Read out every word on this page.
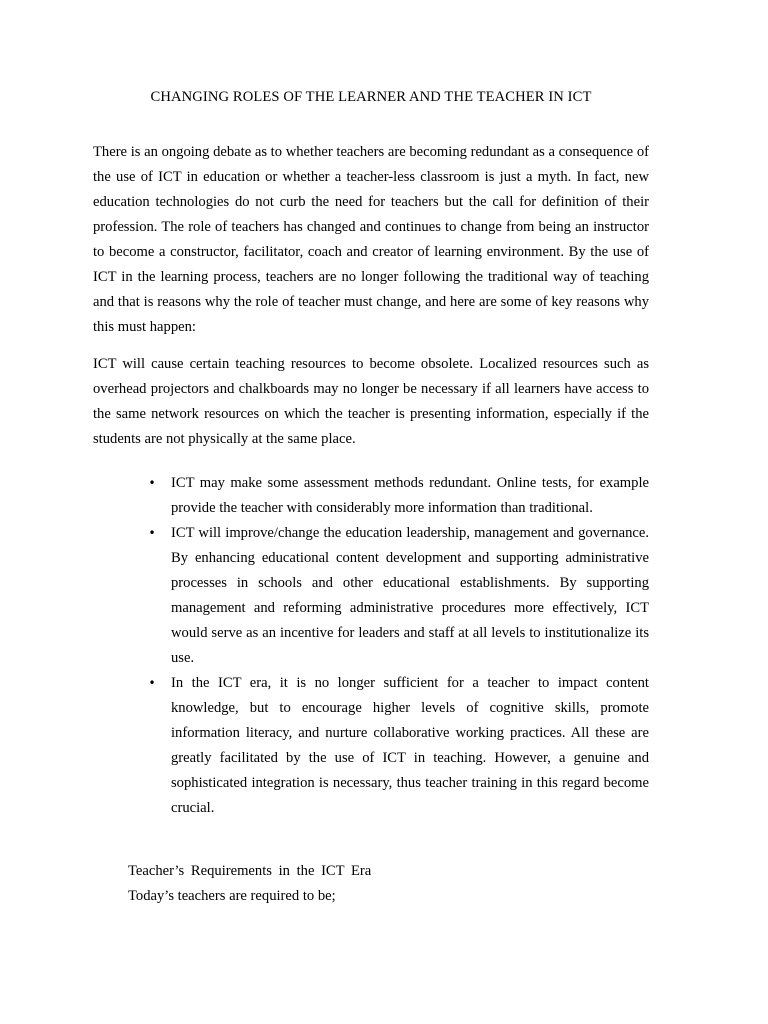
CHANGING ROLES OF THE LEARNER AND THE TEACHER IN ICT

There is an ongoing debate as to whether teachers are becoming redundant as a consequence of the use of ICT in education or whether a teacher-less classroom is just a myth. In fact, new education technologies do not curb the need for teachers but the call for definition of their profession. The role of teachers has changed and continues to change from being an instructor to become a constructor, facilitator, coach and creator of learning environment. By the use of ICT in the learning process, teachers are no longer following the traditional way of teaching and that is reasons why the role of teacher must change, and here are some of key reasons why this must happen:

ICT will cause certain teaching resources to become obsolete. Localized resources such as overhead projectors and chalkboards may no longer be necessary if all learners have access to the same network resources on which the teacher is presenting information, especially if the students are not physically at the same place.

• ICT may make some assessment methods redundant. Online tests, for example provide the teacher with considerably more information than traditional.
• ICT will improve/change the education leadership, management and governance. By enhancing educational content development and supporting administrative processes in schools and other educational establishments. By supporting management and reforming administrative procedures more effectively, ICT would serve as an incentive for leaders and staff at all levels to institutionalize its use.
• In the ICT era, it is no longer sufficient for a teacher to impact content knowledge, but to encourage higher levels of cognitive skills, promote information literacy, and nurture collaborative working practices. All these are greatly facilitated by the use of ICT in teaching. However, a genuine and sophisticated integration is necessary, thus teacher training in this regard become crucial.

Teacher’s Requirements in the ICT Era

Today’s teachers are required to be;
